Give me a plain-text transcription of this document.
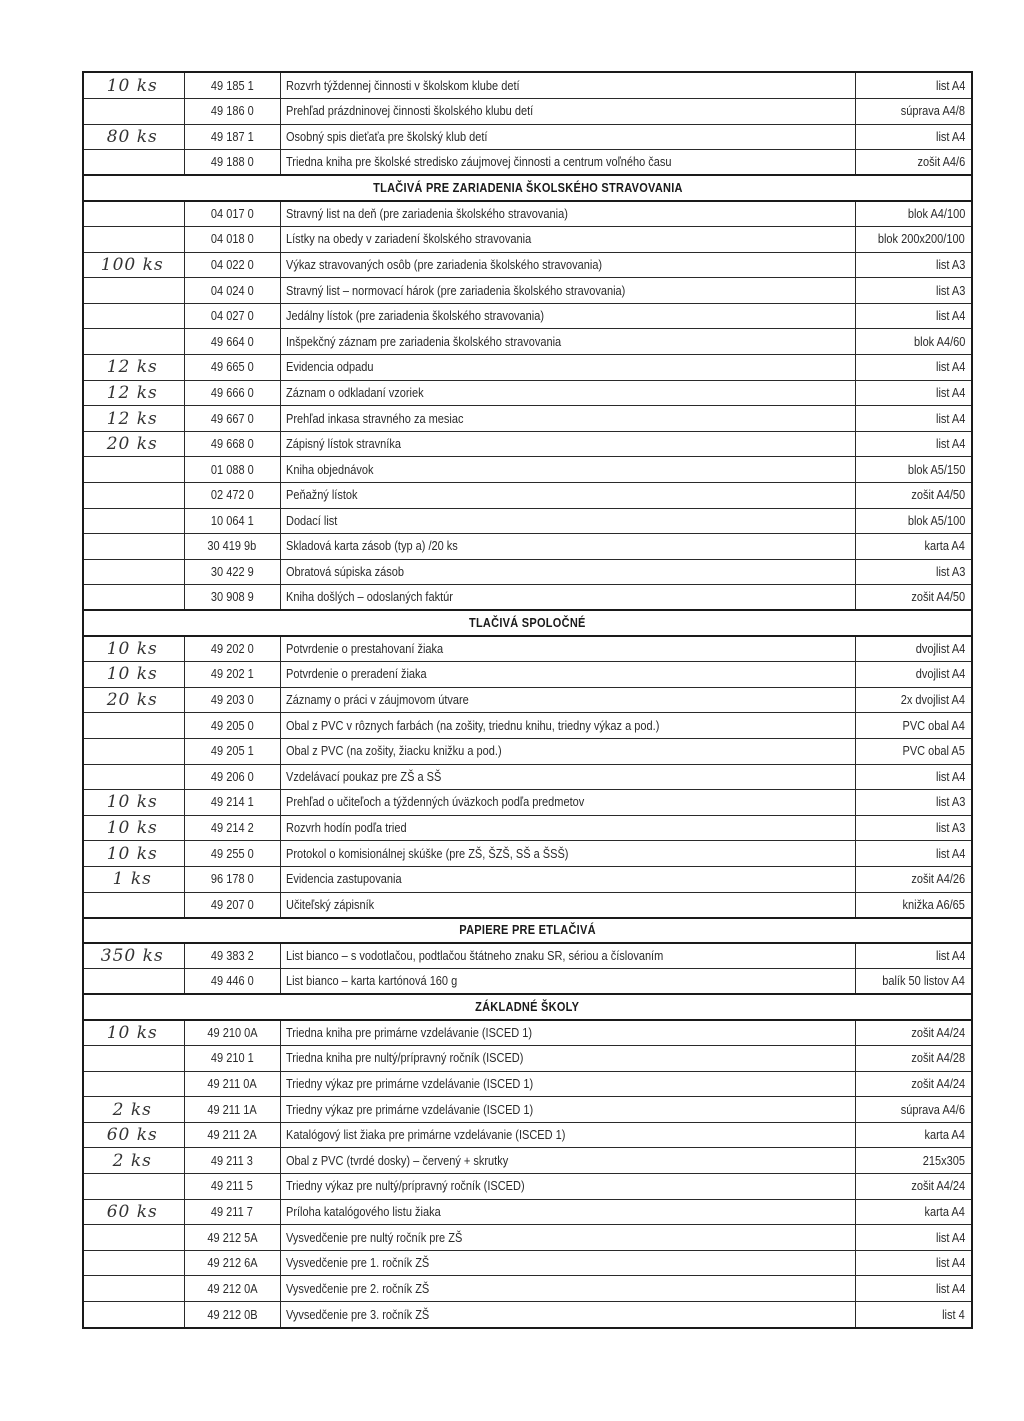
10 ks	49 185 1	Rozvrh týždennej činnosti v školskom klube detí	list A4
	49 186 0	Prehľad prázdninovej činnosti školského klubu detí	súprava A4/8
80 ks	49 187 1	Osobný spis dieťaťa pre školský klub detí	list A4
	49 188 0	Triedna kniha pre školské stredisko záujmovej činnosti a centrum voľného času	zošit A4/6
TLAČIVÁ PRE ZARIADENIA ŠKOLSKÉHO STRAVOVANIA			
	04 017 0	Stravný list na deň (pre zariadenia školského stravovania)	blok A4/100
	04 018 0	Lístky na obedy v zariadení školského stravovania	blok 200x200/100
100 ks	04 022 0	Výkaz stravovaných osôb (pre zariadenia školského stravovania)	list A3
	04 024 0	Stravný list – normovací hárok (pre zariadenia školského stravovania)	list A3
	04 027 0	Jedálny lístok (pre zariadenia školského stravovania)	list A4
	49 664 0	Inšpekčný záznam pre zariadenia školského stravovania	blok A4/60
12 ks	49 665 0	Evidencia odpadu	list A4
12 ks	49 666 0	Záznam o odkladaní vzoriek	list A4
12 ks	49 667 0	Prehľad inkasa stravného za mesiac	list A4
20 ks	49 668 0	Zápisný lístok stravníka	list A4
	01 088 0	Kniha objednávok	blok A5/150
	02 472 0	Peňažný lístok	zošit A4/50
	10 064 1	Dodací list	blok A5/100
	30 419 9b	Skladová karta zásob (typ a) /20 ks	karta A4
	30 422 9	Obratová súpiska zásob	list A3
	30 908 9	Kniha došlých – odoslaných faktúr	zošit A4/50
TLAČIVÁ SPOLOČNÉ			
10 ks	49 202 0	Potvrdenie o prestahovaní žiaka	dvojlist A4
10 ks	49 202 1	Potvrdenie o preradení žiaka	dvojlist A4
20 ks	49 203 0	Záznamy o práci v záujmovom útvare	2x dvojlist A4
	49 205 0	Obal z PVC v rôznych farbách (na zošity, triednu knihu, triedny výkaz a pod.)	PVC obal A4
	49 205 1	Obal z PVC (na zošity, žiacku knižku a pod.)	PVC obal A5
	49 206 0	Vzdelávací poukaz pre ZŠ a SŠ	list A4
10 ks	49 214 1	Prehľad o učiteľoch a týždenných úväzkoch podľa predmetov	list A3
10 ks	49 214 2	Rozvrh hodín podľa tried	list A3
10 ks	49 255 0	Protokol o komisionálnej skúške (pre ZŠ, ŠZŠ, SŠ a ŠSŠ)	list A4
1 ks	96 178 0	Evidencia zastupovania	zošit A4/26
	49 207 0	Učiteľský zápisník	knižka A6/65
PAPIERE PRE ETLAČIVÁ			
350 ks	49 383 2	List bianco – s vodotlačou, podtlačou štátneho znaku SR, sériou a číslovaním	list A4
	49 446 0	List bianco – karta kartónová 160 g	balík 50 listov A4
ZÁKLADNÉ ŠKOLY			
10 ks	49 210 0A	Triedna kniha pre primárne vzdelávanie (ISCED 1)	zošit A4/24
	49 210 1	Triedna kniha pre nultý/prípravný ročník (ISCED)	zošit A4/28
	49 211 0A	Triedny výkaz pre primárne vzdelávanie (ISCED 1)	zošit A4/24
2 ks	49 211 1A	Triedny výkaz pre primárne vzdelávanie (ISCED 1)	súprava A4/6
60 ks	49 211 2A	Katalógový list žiaka pre primárne vzdelávanie (ISCED 1)	karta A4
2 ks	49 211 3	Obal z PVC (tvrdé dosky) – červený + skrutky	215x305
	49 211 5	Triedny výkaz pre nultý/prípravný ročník (ISCED)	zošit A4/24
60 ks	49 211 7	Príloha katalógového listu žiaka	karta A4
	49 212 5A	Vysvedčenie pre nultý ročník pre ZŠ	list A4
	49 212 6A	Vysvedčenie pre 1. ročník ZŠ	list A4
	49 212 0A	Vysvedčenie pre 2. ročník ZŠ	list A4
	49 212 0B	Vyvsedčenie pre 3. ročník ZŠ	list 4
